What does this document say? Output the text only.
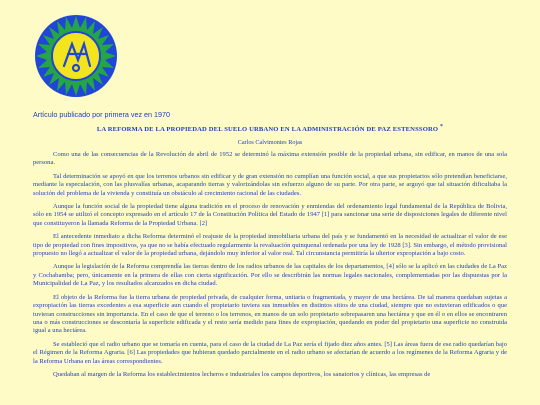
Artículo publicado por primera vez en 1970
LA REFORMA DE LA PROPIEDAD DEL SUELO URBANO EN LA ADMINISTRACIÓN DE PAZ ESTENSSORO *
Carlos Calvimontes Rojas

Como una de las consecuencias de la Revolución de abril de 1952 se determinó la máxima extensión posible de la propiedad urbana, sin edificar, en manos de una sola persona.

Tal determinación se apoyó en que los terrenos urbanos sin edificar y de gran extensión no cumplían una función social, a que sus propietarios sólo pretendían beneficiarse, mediante la especulación, con las plusvalías urbanas, acaparando tierras y valorizándolas sin esfuerzo alguno de su parte. Por otra parte, se arguyó que tal situación dificultaba la solución del problema de la vivienda y constituía un obstáculo al crecimiento racional de las ciudades.

Aunque la función social de la propiedad tiene alguna tradición en el proceso de renovación y enmiendas del ordenamiento legal fundamental de la República de Bolivia, sólo en 1954 se utilizó el concepto expresado en el artículo 17 de la Constitución Política del Estado de 1947 [1] para sancionar una serie de disposiciones legales de diferente nivel que constituyeron la llamada Reforma de la Propiedad Urbana. [2]

El antecedente inmediato a dicha Reforma determinó el reajuste de la propiedad inmobiliaria urbana del país y se fundamentó en la necesidad de actualizar el valor de ese tipo de propiedad con fines impositivos, ya que no se había efectuado regularmente la revaluación quinquenal ordenada por una ley de 1928 [3]. Sin embargo, el método provisional propuesto no llegó a actualizar el valor de la propiedad urbana, dejándolo muy inferior al valor real. Tal circunstancia permitiría la ulterior expropiación a bajo costo.

Aunque la legislación de la Reforma comprendía las tierras dentro de los radios urbanos de las capitales de los departamentos, [4] sólo se la aplicó en las ciudades de La Paz y Cochabamba; pero, únicamente en la primera de ellas con cierta significación. Por ello se describirán las normas legales nacionales, complementadas por las dispuestas por la Municipalidad de La Paz, y los resultados alcanzados en dicha ciudad.

El objeto de la Reforma fue la tierra urbana de propiedad privada, de cualquier forma, unitaria o fragmentada, y mayor de una hectárea. De tal manera quedaban sujetas a expropiación las tierras excedentes a esa superficie aun cuando el propietario tuviera sus inmuebles en distintos sitios de una ciudad, siempre que no estuvieran edificados o que tuvieran construcciones sin importancia. En el caso de que el terreno o los terrenos, en manos de un solo propietario sobrepasaren una hectárea y que en él o en ellos se encontraren una o más construcciones se descontaría la superficie edificada y el resto sería medido para fines de expropiación, quedando en poder del propietario una superficie no construida igual a una hectárea.

Se estableció que el radio urbano que se tomaría en cuenta, para el caso de la ciudad de La Paz sería el fijado diez años antes. [5] Las áreas fuera de ese radio quedarían bajo el Régimen de la Reforma Agraria. [6] Las propiedades que hubieran quedado parcialmente en el radio urbano se afectarían de acuerdo a los regímenes de la Reforma Agraria y de la Reforma Urbana en las áreas correspondientes.

Quedaban al margen de la Reforma los establecimientos lecheros e industriales los campos deportivos, los sanatorios y clínicas, las empresas de
